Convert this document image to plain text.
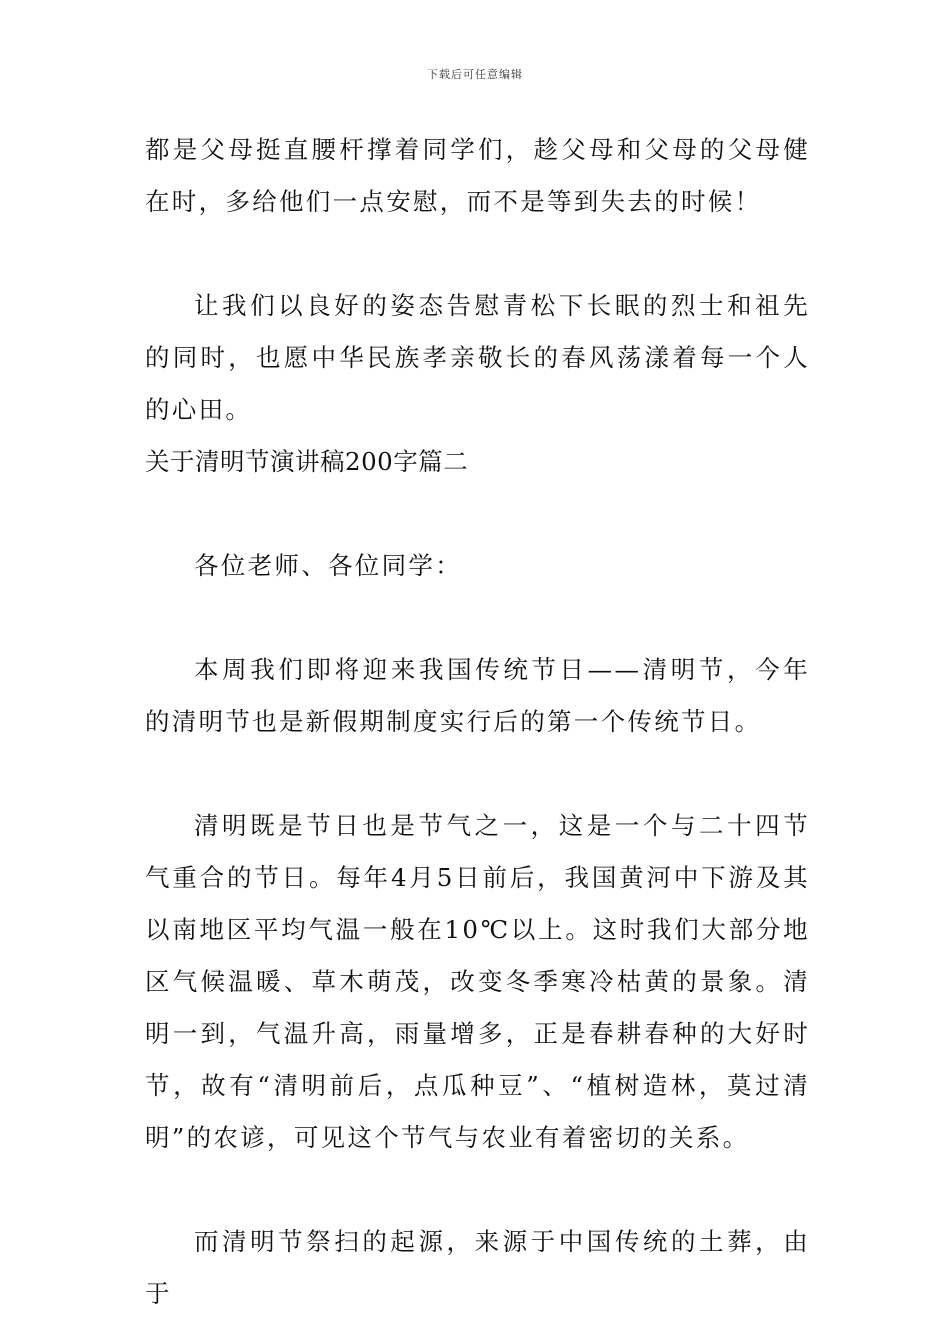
下载后可任意编辑

都是父母挺直腰杆撑着同学们，趁父母和父母的父母健在时，多给他们一点安慰，而不是等到失去的时候！

让我们以良好的姿态告慰青松下长眠的烈士和祖先的同时，也愿中华民族孝亲敬长的春风荡漾着每一个人的心田。

关于清明节演讲稿200字篇二

各位老师、各位同学：

本周我们即将迎来我国传统节日——清明节，今年的清明节也是新假期制度实行后的第一个传统节日。

清明既是节日也是节气之一，这是一个与二十四节气重合的节日。每年4月5日前后，我国黄河中下游及其以南地区平均气温一般在10℃以上。这时我们大部分地区气候温暖、草木萌茂，改变冬季寒冷枯黄的景象。清明一到，气温升高，雨量增多，正是春耕春种的大好时节，故有“清明前后，点瓜种豆”、“植树造林，莫过清明”的农谚，可见这个节气与农业有着密切的关系。

而清明节祭扫的起源，来源于中国传统的土葬，由于
